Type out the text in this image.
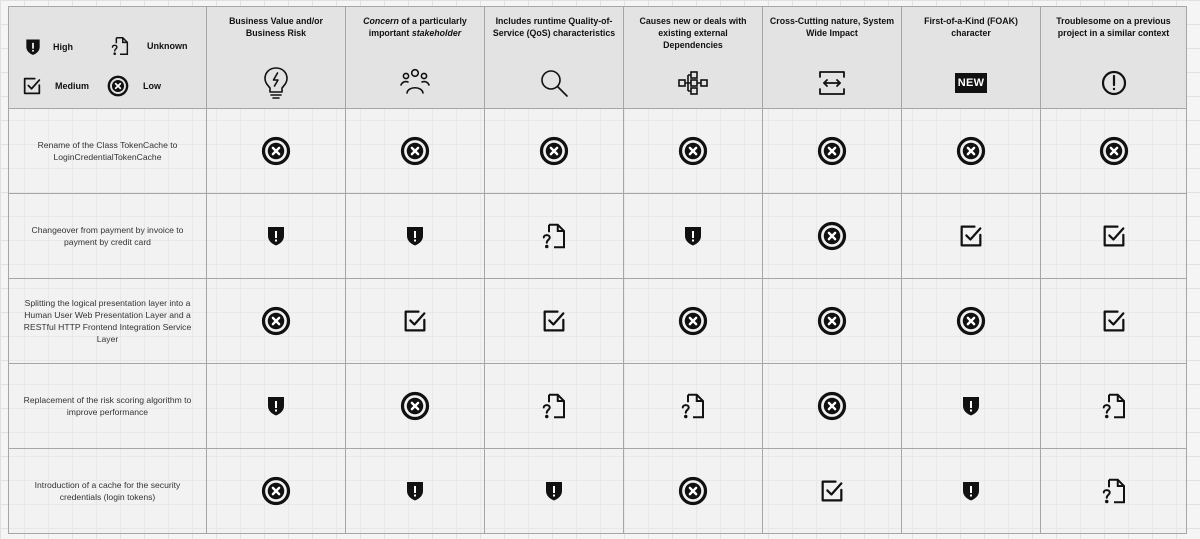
High	Unknown
Medium	Low
Business Value and/or Business Risk
Concern of a particularly important stakeholder
Includes runtime Quality-of-Service (QoS) characteristics
Causes new or deals with existing external Dependencies
Cross-Cutting nature, System Wide Impact
First-of-a-Kind (FOAK) character
NEW
Troublesome on a previous project in a similar context
Rename of the Class TokenCache to LoginCredentialTokenCache
Changeover from payment by invoice to payment by credit card
Splitting the logical presentation layer into a Human User Web Presentation Layer and a RESTful HTTP Frontend Integration Service Layer
Replacement of the risk scoring algorithm to improve performance
Introduction of a cache for the security credentials (login tokens)
